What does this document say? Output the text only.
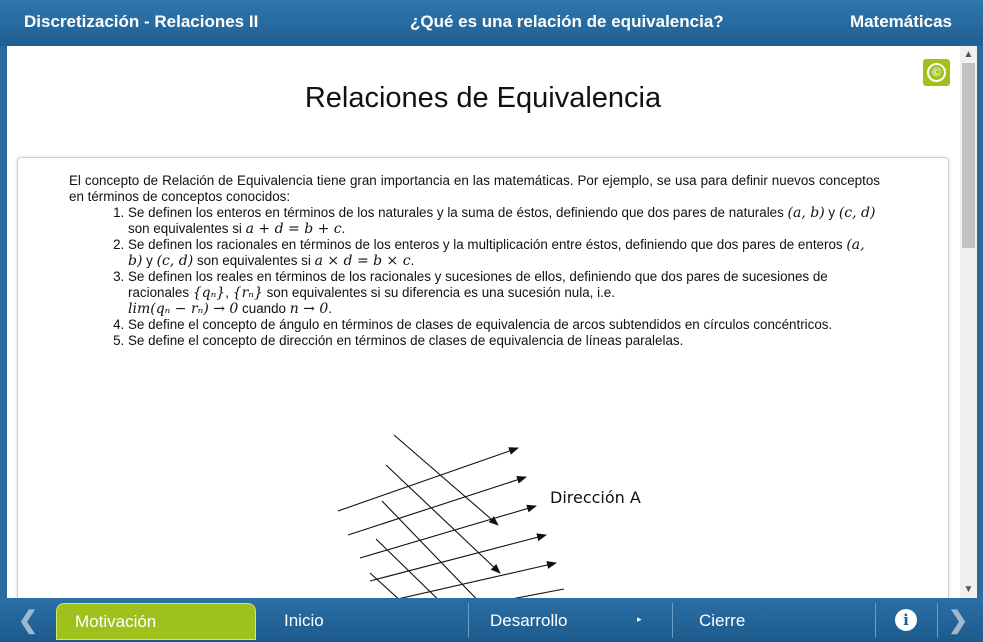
Discretización - Relaciones II	¿Qué es una relación de equivalencia?	Matemáticas
©
Relaciones de Equivalencia

El concepto de Relación de Equivalencia tiene gran importancia en las matemáticas. Por ejemplo, se usa para definir nuevos conceptos en términos de conceptos conocidos:

1. Se definen los enteros en términos de los naturales y la suma de éstos, definiendo que dos pares de naturales (a, b) y (c, d) son equivalentes si a + d = b + c.
2. Se definen los racionales en términos de los enteros y la multiplicación entre éstos, definiendo que dos pares de enteros (a, b) y (c, d) son equivalentes si a × d = b × c.
3. Se definen los reales en términos de los racionales y sucesiones de ellos, definiendo que dos pares de sucesiones de racionales {qₙ}, {rₙ} son equivalentes si su diferencia es una sucesión nula, i.e.
lim(qₙ − rₙ) → 0 cuando n → 0.
4. Se define el concepto de ángulo en términos de clases de equivalencia de arcos subtendidos en círculos concéntricos.
5. Se define el concepto de dirección en términos de clases de equivalencia de líneas paralelas.
Dirección A
▲
▼
❮	Motivación	Inicio	Desarrollo	▸	Cierre	i	❯
